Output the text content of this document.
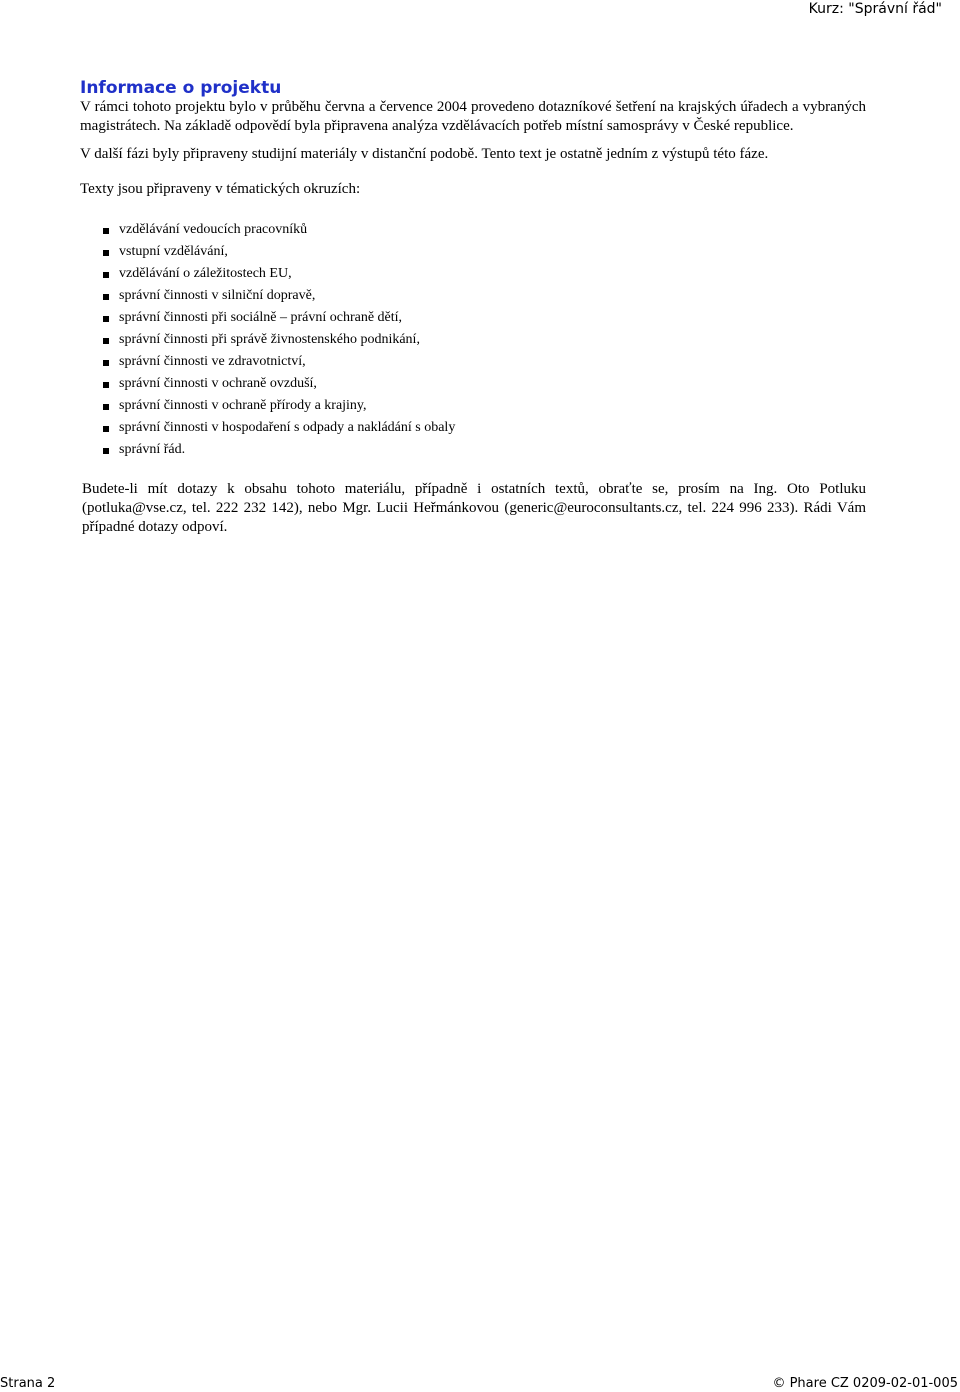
Kurz: "Správní řád"
Informace o projektu

V rámci tohoto projektu bylo v průběhu června a července 2004 provedeno dotazníkové šetření na krajských úřadech a vybraných magistrátech. Na základě odpovědí byla připravena analýza vzdělávacích potřeb místní samosprávy v České republice.

V další fázi byly připraveny studijní materiály v distanční podobě. Tento text je ostatně jedním z výstupů této fáze.

Texty jsou připraveny v tématických okruzích:

vzdělávání vedoucích pracovníků
vstupní vzdělávání,
vzdělávání o záležitostech EU,
správní činnosti v silniční dopravě,
správní činnosti při sociálně – právní ochraně dětí,
správní činnosti při správě živnostenského podnikání,
správní činnosti ve zdravotnictví,
správní činnosti v ochraně ovzduší,
správní činnosti v ochraně přírody a krajiny,
správní činnosti v hospodaření s odpady a nakládání s obaly
správní řád.

Budete-li mít dotazy k obsahu tohoto materiálu, případně i ostatních textů, obraťte se, prosím na Ing. Oto Potluku (potluka@vse.cz, tel. 222 232 142), nebo Mgr. Lucii Heřmánkovou (generic@euroconsultants.cz, tel. 224 996 233). Rádi Vám případné dotazy odpoví.

Strana 2	© Phare CZ 0209-02-01-005
